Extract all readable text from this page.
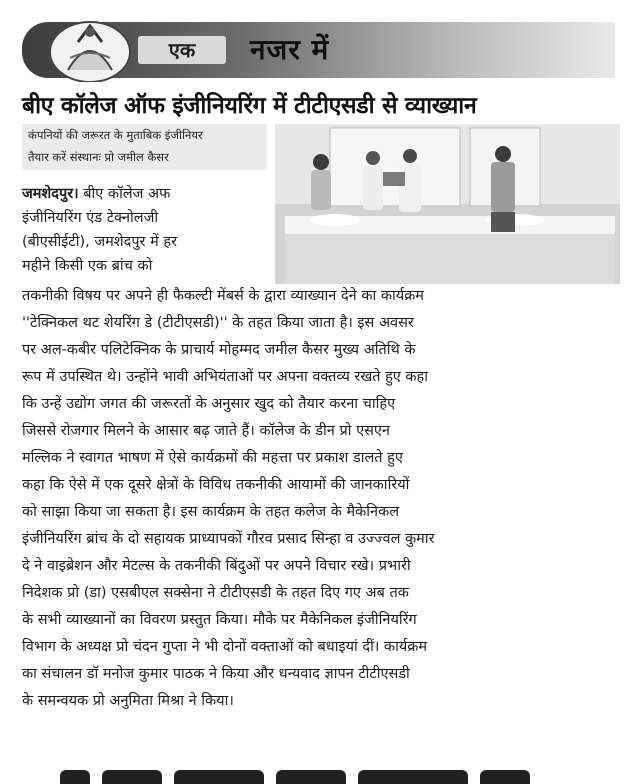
एक	नजर में
बीए कॉलेज ऑफ इंजीनियरिंग में टीटीएसडी से व्याख्यान
कंपनियों की जरूरत के मुताबिक इंजीनियर
तैयार करें संस्थानः प्रो जमील कैसर
जमशेदपुर। बीए कॉलेज अफ
इंजीनियरिंग एंड टेक्नोलजी
(बीएसीईटी), जमशेदपुर में हर
महीने किसी एक ब्रांच को
तकनीकी विषय पर अपने ही फैकल्टी मेंबर्स के द्वारा व्याख्यान देने का कार्यक्रम
''टेक्निकल थट शेयरिंग डे (टीटीएसडी)'' के तहत किया जाता है। इस अवसर
पर अल-कबीर पलिटेक्निक के प्राचार्य मोहम्मद जमील कैसर मुख्य अतिथि के
रूप में उपस्थित थे। उन्होंने भावी अभियंताओं पर अपना वक्तव्य रखते हुए कहा
कि उन्हें उद्योग जगत की जरूरतों के अनुसार खुद को तैयार करना चाहिए
जिससे रोजगार मिलने के आसार बढ़ जाते हैं। कॉलेज के डीन प्रो एसएन
मल्लिक ने स्वागत भाषण में ऐसे कार्यक्रमों की महत्ता पर प्रकाश डालते हुए
कहा कि ऐसे में एक दूसरे क्षेत्रों के विविध तकनीकी आयामों की जानकारियों
को साझा किया जा सकता है। इस कार्यक्रम के तहत कलेज के मैकेनिकल
इंजीनियरिंग ब्रांच के दो सहायक प्राध्यापकों गौरव प्रसाद सिन्हा व उज्ज्वल कुमार
दे ने वाइब्रेशन और मेटल्स के तकनीकी बिंदुओं पर अपने विचार रखे। प्रभारी
निदेशक प्रो (डा) एसबीएल सक्सेना ने टीटीएसडी के तहत दिए गए अब तक
के सभी व्याख्यानों का विवरण प्रस्तुत किया। मौके पर मैकेनिकल इंजीनियरिंग
विभाग के अध्यक्ष प्रो चंदन गुप्ता ने भी दोनों वक्ताओं को बधाइयां दीं। कार्यक्रम
का संचालन डॉ मनोज कुमार पाठक ने किया और धन्यवाद ज्ञापन टीटीएसडी
के समन्वयक प्रो अनुमिता मिश्रा ने किया।
